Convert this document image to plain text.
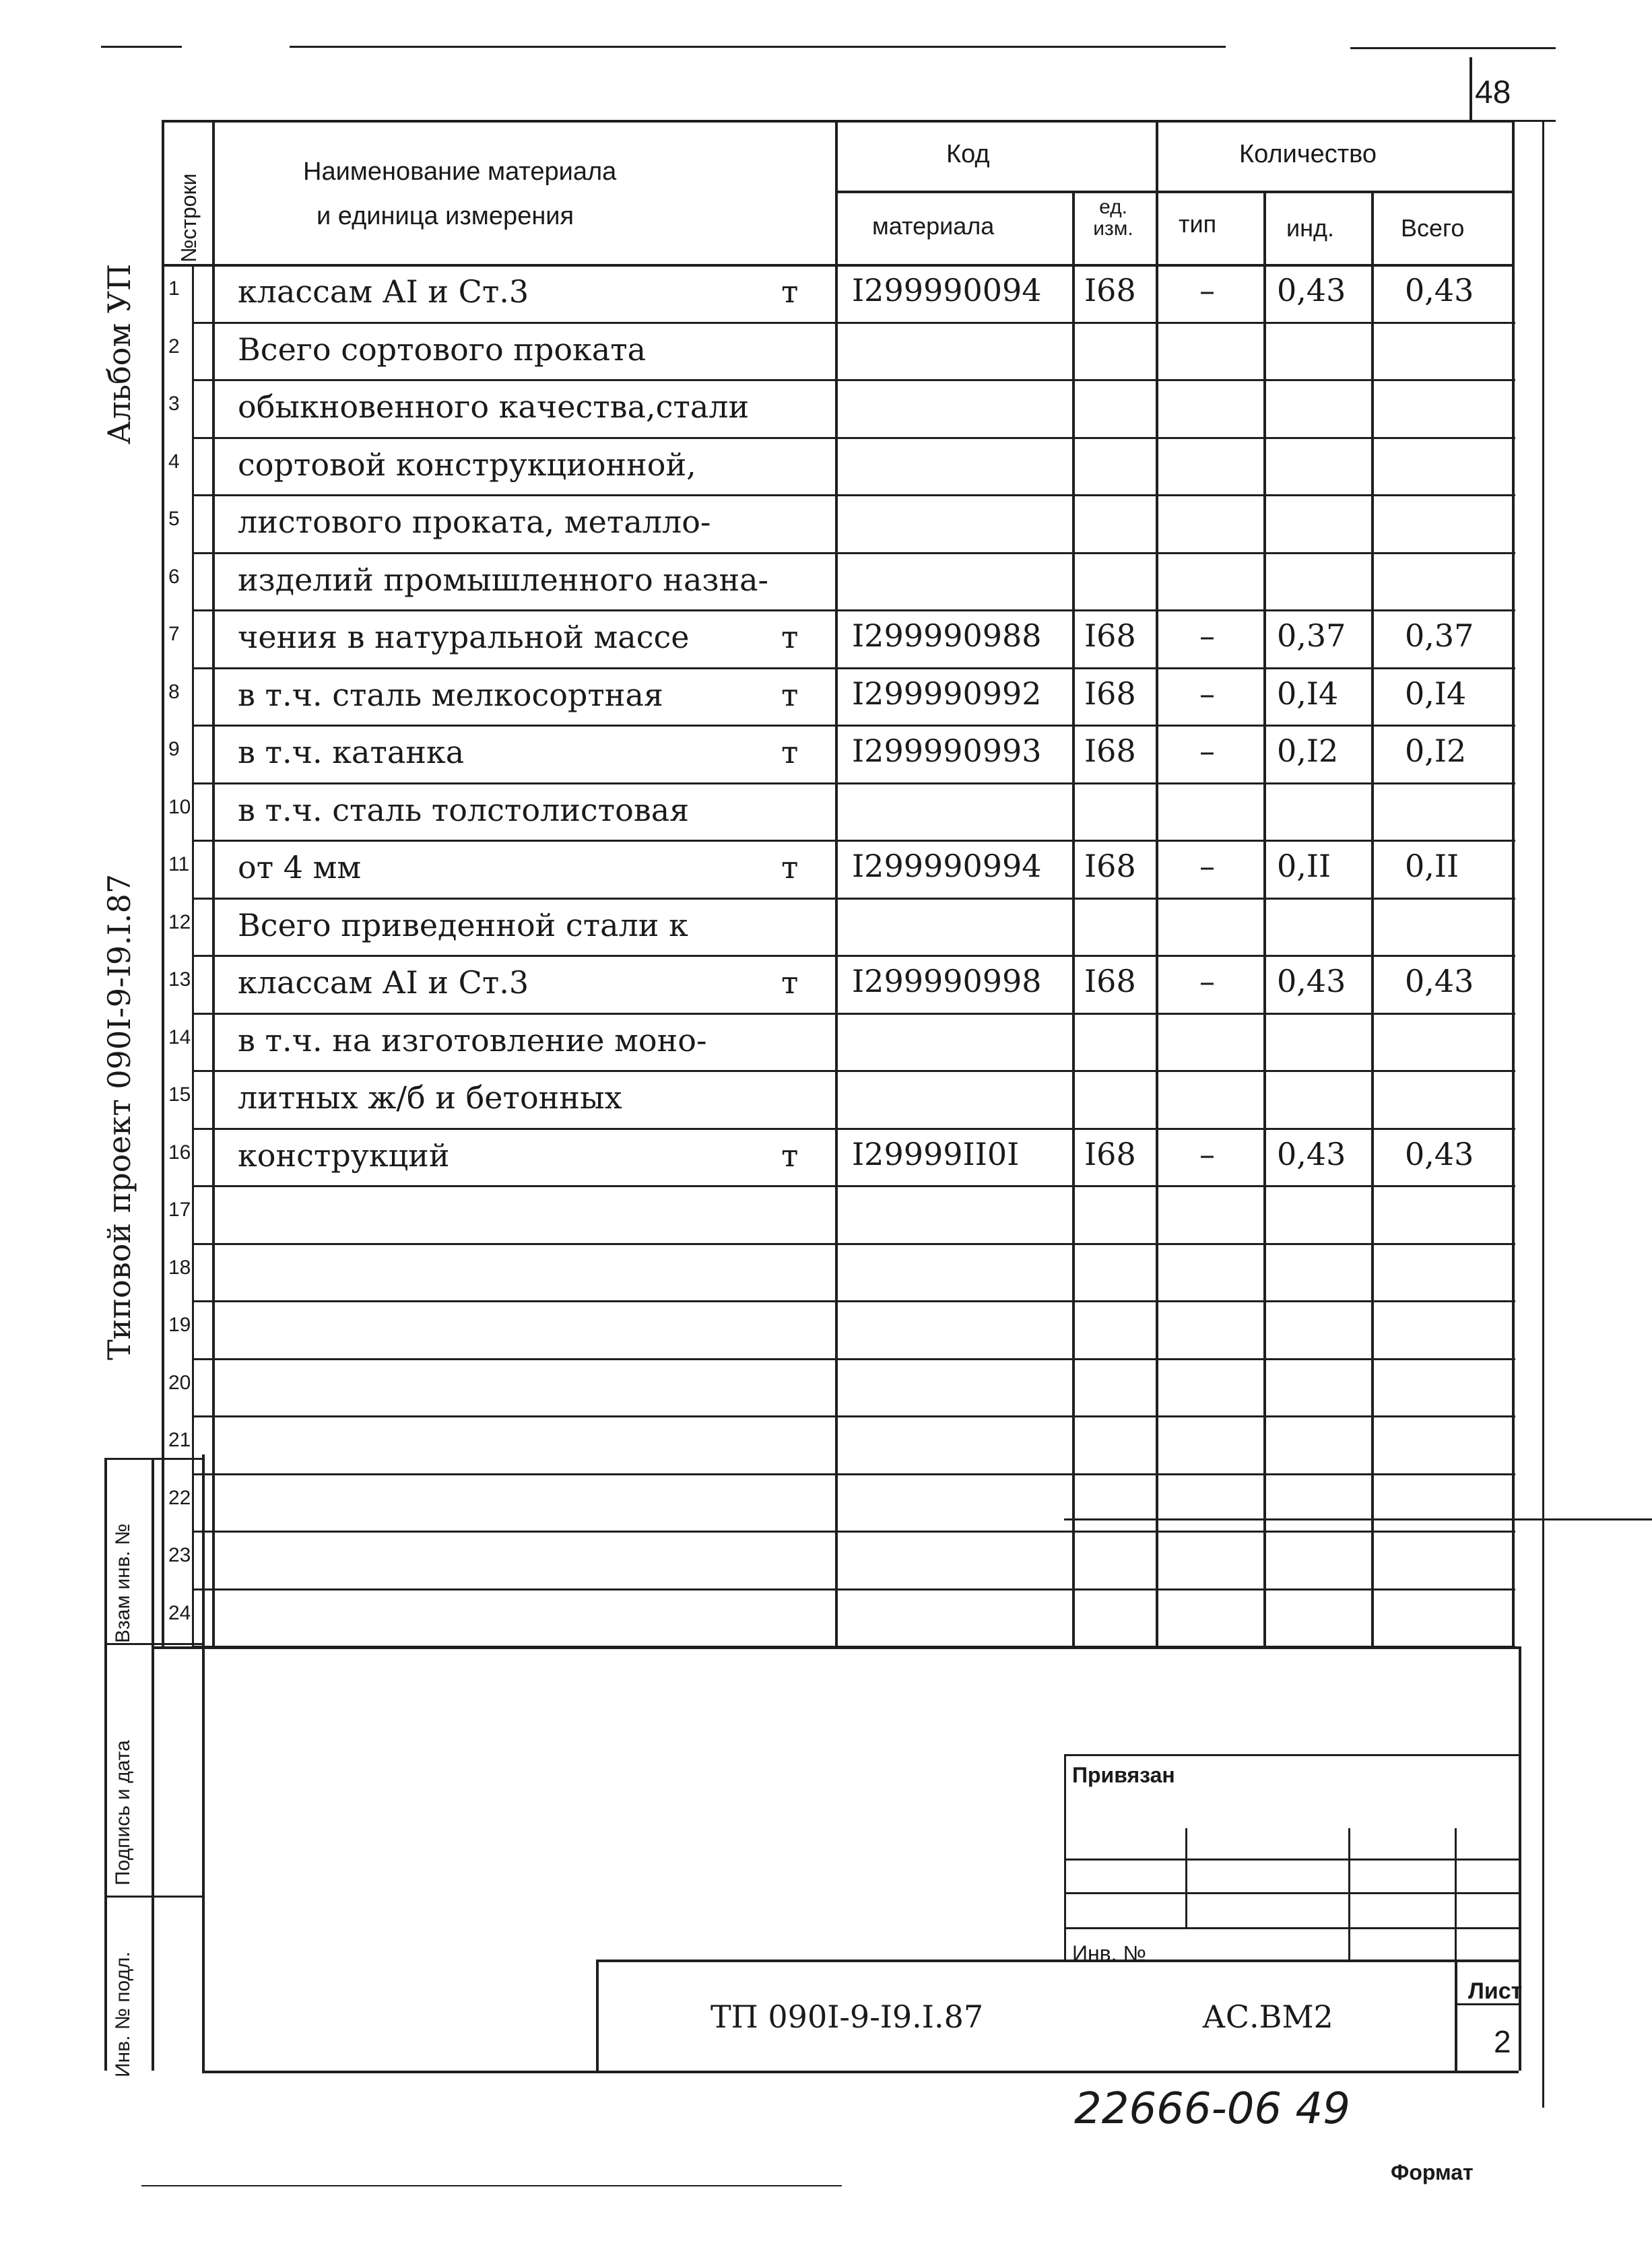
48
Альбом УП
Типовой проект 090I-9-I9.I.87
Взам инв. №
Подпись и дата
Инв. № подл.
№строки
Наименование материала
и единица измерения
Код	Количество
материала
ед. изм.	тип	инд.	Всего
1 классам АI и Ст.3	т I299990094 I68 – 0,43 0,43
2 Всего сортового проката
3 обыкновенного качества,стали
4 сортовой конструкционной,
5 листового проката, металло-
6 изделий промышленного назна-
7 чения в натуральной массе	т I299990988 I68 – 0,37 0,37
8 в т.ч. сталь мелкосортная	т I299990992 I68 – 0,I4 0,I4
9 в т.ч. катанка	т I299990993 I68 – 0,I2 0,I2
10 в т.ч. сталь толстолистовая
11 от 4 мм	т I299990994 I68 – 0,II 0,II
12 Всего приведенной стали к
13 классам АI и Ст.3	т I299990998 I68 – 0,43 0,43
14 в т.ч. на изготовление моно-
15 литных ж/б и бетонных
16 конструкций	т I29999II0I I68 – 0,43 0,43
17
18
19
20
21
22
23
24
Привязан
Инв. №
ТП 090I-9-I9.I.87	АС.ВМ2
Лист
2
22666-06 49
Формат
